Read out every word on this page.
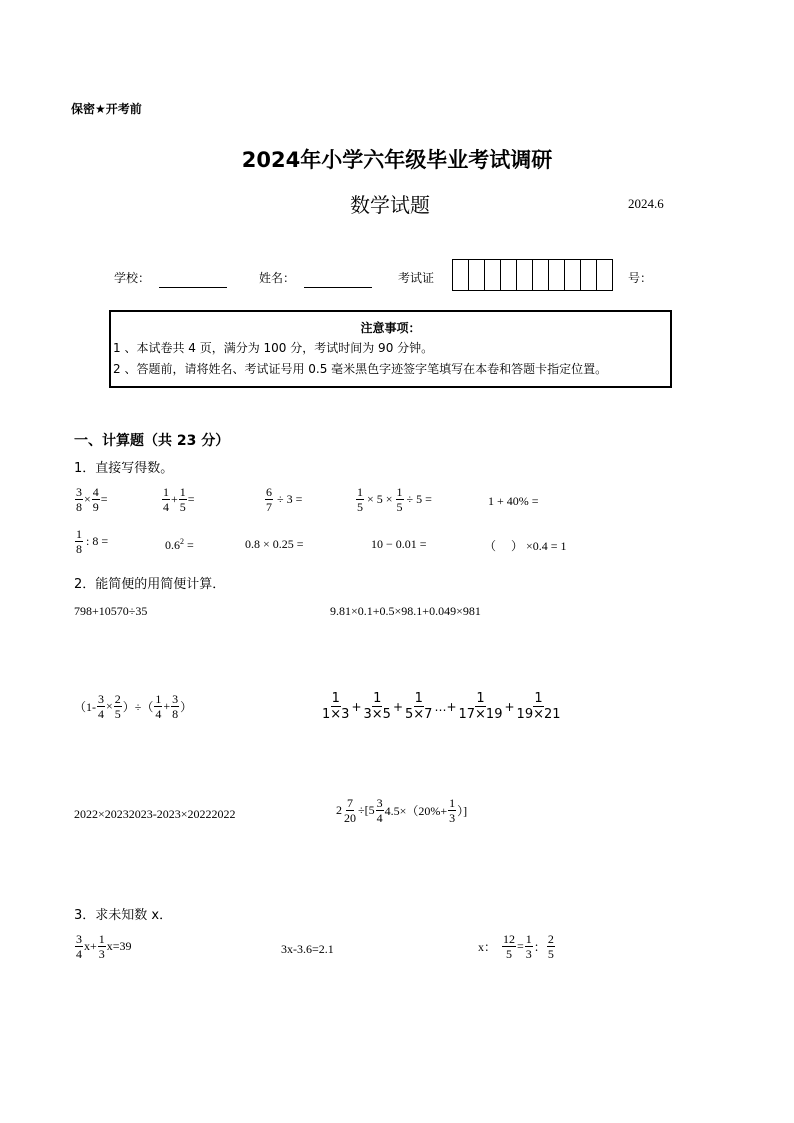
保密★开考前
2024年小学六年级毕业考试调研
数学试题	2024.6
学校：	姓名：	考试证	号：
注意事项：
1 、本试卷共 4 页，满分为 100 分，考试时间为 90 分钟。
2 、答题前，请将姓名、考试证号用 0.5 毫米黑色字迹签字笔填写在本卷和答题卡指定位置。
一、计算题（共 23 分）
1．直接写得数。
$\frac{3}{8} \times \frac{4}{9}$ =	$\frac{1}{4} + \frac{1}{5}$ =	$\frac{6}{7} \div 3$ =	$\frac{1}{5} \times 5 \times \frac{1}{5} \div 5$ =	1 + 40% =
$\frac{1}{8}$ : 8 =	$0.6^2$ =	0.8 × 0.25 =	10 − 0.01 =	（　 ） ×0.4 = 1
2．能简便的用简便计算．
798+10570÷35	9.81×0.1+0.5×98.1+0.049×981
（$1- \frac{3}{4} \times \frac{2}{5}$ ）÷（ $\frac{1}{4} + \frac{3}{8}$ ）	$\frac{1}{1\times 3} + \frac{1}{3\times 5} + \frac{1}{5\times 7}$ …+ $\frac{1}{17\times 19} + \frac{1}{19\times 21}$
2022×20232023-2023×20222022	$2 \frac{7}{20} \div[5 \frac{3}{4} 4.5\times(20\%+ \frac{1}{3}$ ）]
3．求未知数 x．
$\frac{3}{4} x+ \frac{1}{3} x=39$	3x-3.6=2.1	x： $\frac{12}{5} = \frac{1}{3}$ ： $\frac{2}{5}$
